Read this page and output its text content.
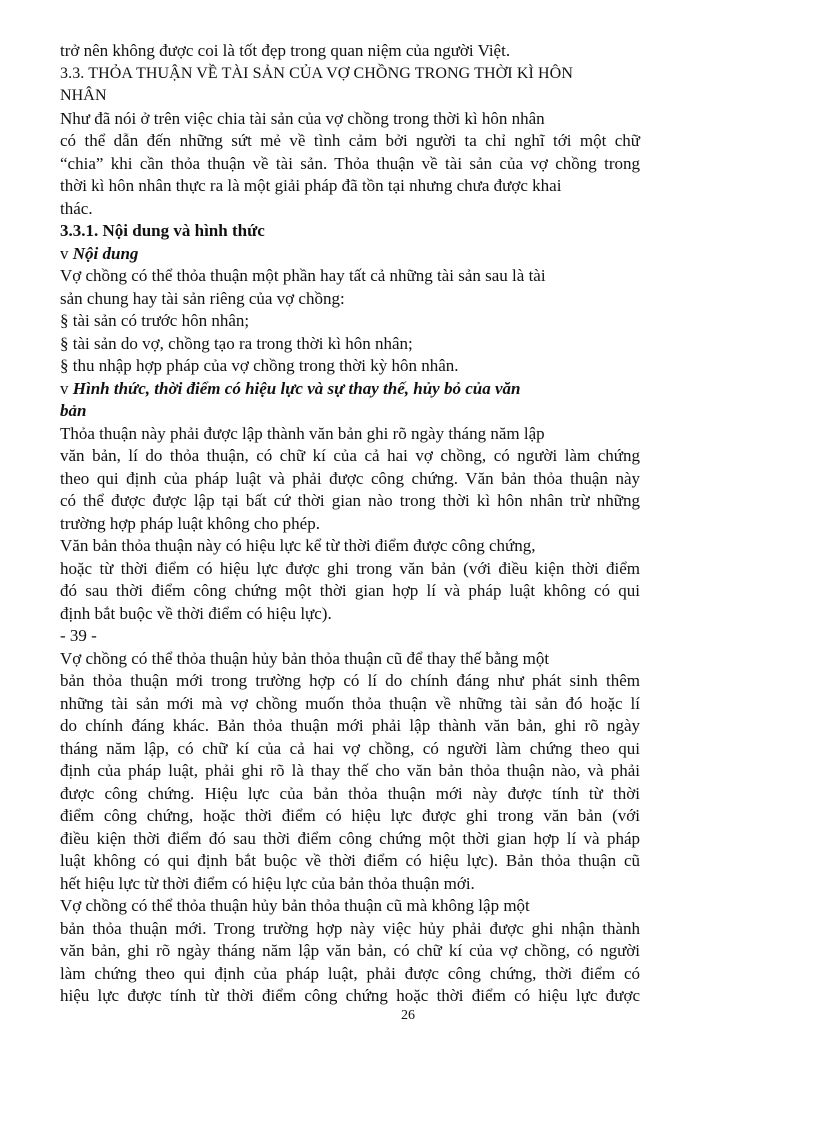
trở nên không được coi là tốt đẹp trong quan niệm của người Việt.
3.3. THỎA THUẬN VỀ TÀI SẢN CỦA VỢ CHỒNG TRONG THỜI KÌ HÔN
NHÂN
Như đã nói ở trên việc chia tài sản của vợ chồng trong thời kì hôn nhân
có thể dẫn đến những sứt mẻ về tình cảm bởi người ta chỉ nghĩ tới một chữ
“chia” khi cần thỏa thuận về tài sản. Thỏa thuận về tài sản của vợ chồng trong
thời kì hôn nhân thực ra là một giải pháp đã tồn tại nhưng chưa được khai
thác.
3.3.1. Nội dung và hình thức
v Nội dung
Vợ chồng có thể thỏa thuận một phần hay tất cả những tài sản sau là tài
sản chung hay tài sản riêng của vợ chồng:
§ tài sản có trước hôn nhân;
§ tài sản do vợ, chồng tạo ra trong thời kì hôn nhân;
§ thu nhập hợp pháp của vợ chồng trong thời kỳ hôn nhân.
v Hình thức, thời điểm có hiệu lực và sự thay thế, hủy bỏ của văn
bản
Thỏa thuận này phải được lập thành văn bản ghi rõ ngày tháng năm lập
văn bản, lí do thỏa thuận, có chữ kí của cả hai vợ chồng, có người làm chứng
theo qui định của pháp luật và phải được công chứng. Văn bản thỏa thuận này
có thể được được lập tại bất cứ thời gian nào trong thời kì hôn nhân trừ những
trường hợp pháp luật không cho phép.
Văn bản thỏa thuận này có hiệu lực kể từ thời điểm được công chứng,
hoặc từ thời điểm có hiệu lực được ghi trong văn bản (với điều kiện thời điểm
đó sau thời điểm công chứng một thời gian hợp lí và pháp luật không có qui
định bắt buộc về thời điểm có hiệu lực).
- 39 -
Vợ chồng có thể thỏa thuận hủy bản thỏa thuận cũ để thay thế bằng một
bản thỏa thuận mới trong trường hợp có lí do chính đáng như phát sinh thêm
những tài sản mới mà vợ chồng muốn thỏa thuận về những tài sản đó hoặc lí
do chính đáng khác. Bản thỏa thuận mới phải lập thành văn bản, ghi rõ ngày
tháng năm lập, có chữ kí của cả hai vợ chồng, có người làm chứng theo qui
định của pháp luật, phải ghi rõ là thay thế cho văn bản thỏa thuận nào, và phải
được công chứng. Hiệu lực của bản thỏa thuận mới này được tính từ thời
điểm công chứng, hoặc thời điểm có hiệu lực được ghi trong văn bản (với
điều kiện thời điểm đó sau thời điểm công chứng một thời gian hợp lí và pháp
luật không có qui định bắt buộc về thời điểm có hiệu lực). Bản thỏa thuận cũ
hết hiệu lực từ thời điểm có hiệu lực của bản thỏa thuận mới.
Vợ chồng có thể thỏa thuận hủy bản thỏa thuận cũ mà không lập một
bản thỏa thuận mới. Trong trường hợp này việc hủy phải được ghi nhận thành
văn bản, ghi rõ ngày tháng năm lập văn bản, có chữ kí của vợ chồng, có người
làm chứng theo qui định của pháp luật, phải được công chứng, thời điểm có
hiệu lực được tính từ thời điểm công chứng hoặc thời điểm có hiệu lực được
26
